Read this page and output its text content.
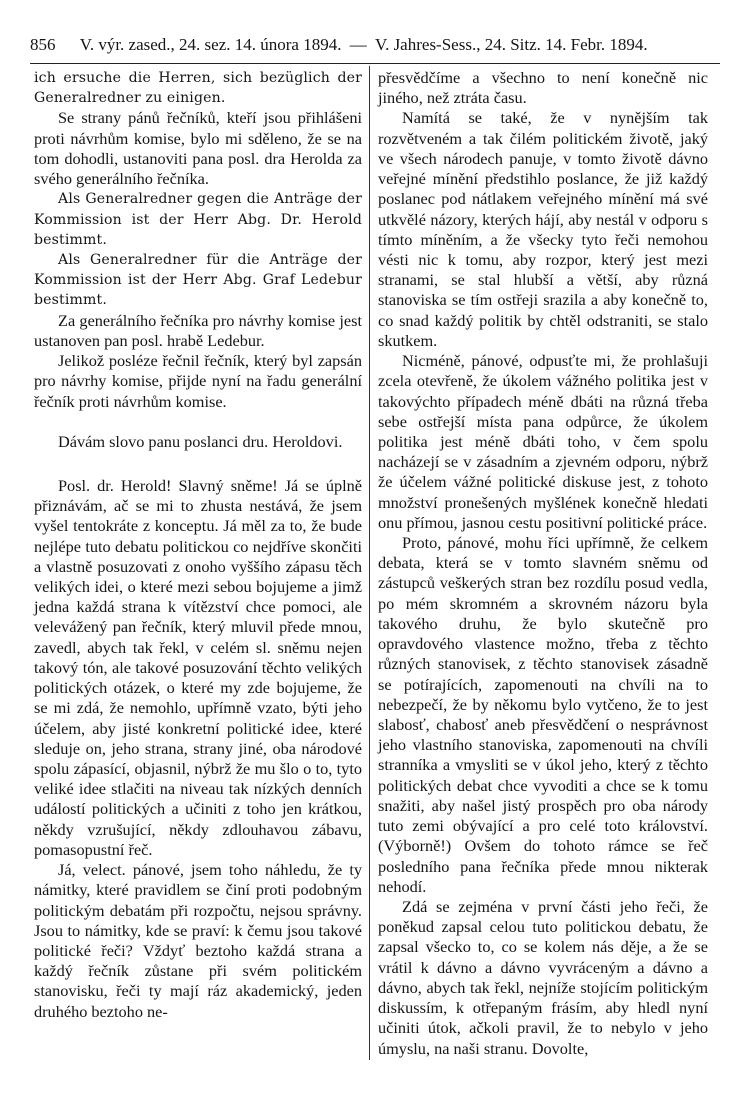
856 V. výr. zased., 24. sez. 14. února 1894. — V. Jahres-Sess., 24. Sitz. 14. Febr. 1894.

ich ersuche die Herren, sich bezüglich der Generalredner zu einigen.

Se strany pánů řečníků, kteří jsou přihlášeni proti návrhům komise, bylo mi sděleno, že se na tom dohodli, ustanoviti pana posl. dra Herolda za svého generálního řečníka.

Als Generalredner gegen die Anträge der Kommission ist der Herr Abg. Dr. Herold bestimmt.

Als Generalredner für die Anträge der Kommission ist der Herr Abg. Graf Ledebur bestimmt.

Za generálního řečníka pro návrhy komise jest ustanoven pan posl. hrabě Ledebur.

Jelikož posléze řečnil řečník, který byl zapsán pro návrhy komise, přijde nyní na řadu generální řečník proti návrhům komise.

Dávám slovo panu poslanci dru. Heroldovi.

Posl. dr. Herold! Slavný sněme! Já se úplně přiznávám, ač se mi to zhusta nestává, že jsem vyšel tentokráte z konceptu. Já měl za to, že bude nejlépe tuto debatu politickou co nejdříve skončiti a vlastně posuzovati z onoho vyššího zápasu těch velikých idei, o které mezi sebou bojujeme a jimž jedna každá strana k vítězství chce pomoci, ale velevážený pan řečník, který mluvil přede mnou, zavedl, abych tak řekl, v celém sl. sněmu nejen takový tón, ale takové posuzování těchto velikých politických otázek, o které my zde bojujeme, že se mi zdá, že nemohlo, upřímně vzato, býti jeho účelem, aby jisté konkretní politické idee, které sleduje on, jeho strana, strany jiné, oba národové spolu zápasící, objasnil, nýbrž že mu šlo o to, tyto veliké idee stlačiti na niveau tak nízkých denních událostí politických a učiniti z toho jen krátkou, někdy vzrušující, někdy zdlouhavou zábavu, pomasopustní řeč.

Já, velect. pánové, jsem toho náhledu, že ty námitky, které pravidlem se činí proti podobným politickým debatám při rozpočtu, nejsou správny. Jsou to námitky, kde se praví: k čemu jsou takové politické řeči? Vždyť beztoho každá strana a každý řečník zůstane při svém politickém stanovisku, řeči ty mají ráz akademický, jeden druhého beztoho ne-

přesvědčíme a všechno to není konečně nic jiného, než ztráta času.

Namítá se také, že v nynějším tak rozvětveném a tak čilém politickém životě, jaký ve všech národech panuje, v tomto životě dávno veřejné mínění předstihlo poslance, že již každý poslanec pod nátlakem veřejného mínění má své utkvělé názory, kterých hájí, aby nestál v odporu s tímto míněním, a že všecky tyto řeči nemohou vésti nic k tomu, aby rozpor, který jest mezi stranami, se stal hlubší a větší, aby různá stanoviska se tím ostřeji srazila a aby konečně to, co snad každý politik by chtěl odstraniti, se stalo skutkem.

Nicméně, pánové, odpusťte mi, že prohlašuji zcela otevřeně, že úkolem vážného politika jest v takovýchto případech méně dbáti na různá třeba sebe ostřejší místa pana odpůrce, že úkolem politika jest méně dbáti toho, v čem spolu nacházejí se v zásadním a zjevném odporu, nýbrž že účelem vážné politické diskuse jest, z tohoto množství pronešených myšlének konečně hledati onu přímou, jasnou cestu positivní politické práce.

Proto, pánové, mohu říci upřímně, že celkem debata, která se v tomto slavném sněmu od zástupců veškerých stran bez rozdílu posud vedla, po mém skromném a skrovném názoru byla takového druhu, že bylo skutečně pro opravdového vlastence možno, třeba z těchto různých stanovisek, z těchto stanovisek zásadně se potírajících, zapomenouti na chvíli na to nebezpečí, že by někomu bylo vytčeno, že to jest slabosť, chabosť aneb přesvědčení o nesprávnost jeho vlastního stanoviska, zapomenouti na chvíli stranníka a vmysliti se v úkol jeho, který z těchto politických debat chce vyvoditi a chce se k tomu snažiti, aby našel jistý prospěch pro oba národy tuto zemi obývající a pro celé toto království. (Výborně!) Ovšem do tohoto rámce se řeč posledního pana řečníka přede mnou nikterak nehodí.

Zdá se zejména v první části jeho řeči, že poněkud zapsal celou tuto politickou debatu, že zapsal všecko to, co se kolem nás děje, a že se vrátil k dávno a dávno vyvráceným a dávno a dávno, abych tak řekl, nejníže stojícím politickým diskussím, k otřepaným frásím, aby hledl nyní učiniti útok, ačkoli pravil, že to nebylo v jeho úmyslu, na naši stranu. Dovolte,
